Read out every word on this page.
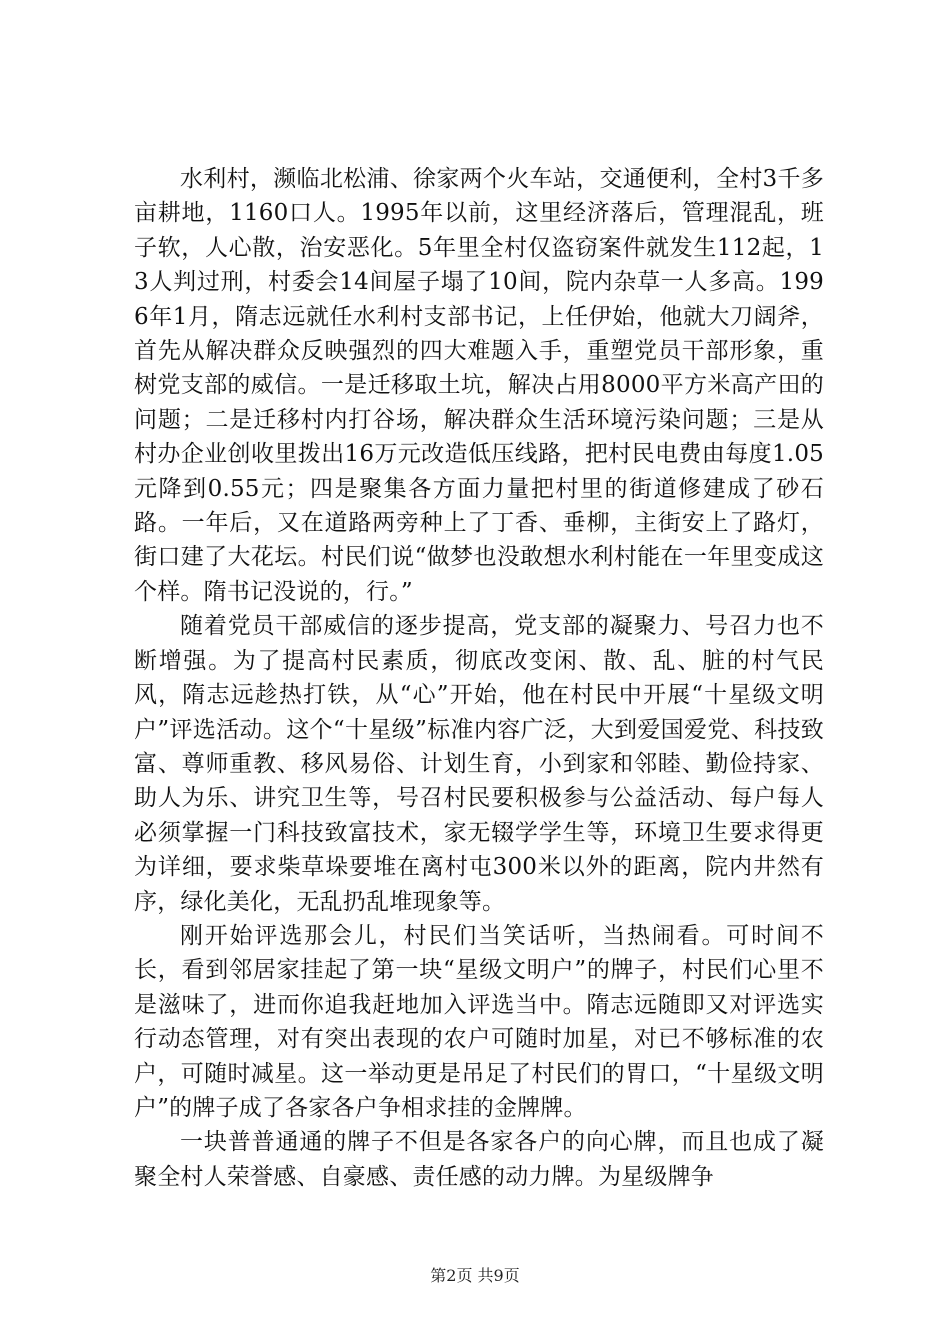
水利村，濒临北松浦、徐家两个火车站，交通便利，全村3千多亩耕地，1160口人。1995年以前，这里经济落后，管理混乱，班子软，人心散，治安恶化。5年里全村仅盗窃案件就发生112起，13人判过刑，村委会14间屋子塌了10间，院内杂草一人多高。1996年1月，隋志远就任水利村支部书记，上任伊始，他就大刀阔斧，首先从解决群众反映强烈的四大难题入手，重塑党员干部形象，重树党支部的威信。一是迁移取土坑，解决占用8000平方米高产田的问题；二是迁移村内打谷场，解决群众生活环境污染问题；三是从村办企业创收里拨出16万元改造低压线路，把村民电费由每度1.05元降到0.55元；四是聚集各方面力量把村里的街道修建成了砂石路。一年后，又在道路两旁种上了丁香、垂柳，主街安上了路灯，街口建了大花坛。村民们说“做梦也没敢想水利村能在一年里变成这个样。隋书记没说的，行。”

随着党员干部威信的逐步提高，党支部的凝聚力、号召力也不断增强。为了提高村民素质，彻底改变闲、散、乱、脏的村气民风，隋志远趁热打铁，从“心”开始，他在村民中开展“十星级文明户”评选活动。这个“十星级”标准内容广泛，大到爱国爱党、科技致富、尊师重教、移风易俗、计划生育，小到家和邻睦、勤俭持家、助人为乐、讲究卫生等，号召村民要积极参与公益活动、每户每人必须掌握一门科技致富技术，家无辍学学生等，环境卫生要求得更为详细，要求柴草垛要堆在离村屯300米以外的距离，院内井然有序，绿化美化，无乱扔乱堆现象等。

刚开始评选那会儿，村民们当笑话听，当热闹看。可时间不长，看到邻居家挂起了第一块“星级文明户”的牌子，村民们心里不是滋味了，进而你追我赶地加入评选当中。隋志远随即又对评选实行动态管理，对有突出表现的农户可随时加星，对已不够标准的农户，可随时减星。这一举动更是吊足了村民们的胃口，“十星级文明户”的牌子成了各家各户争相求挂的金牌牌。

一块普普通通的牌子不但是各家各户的向心牌，而且也成了凝聚全村人荣誉感、自豪感、责任感的动力牌。为星级牌争

第2页 共9页
